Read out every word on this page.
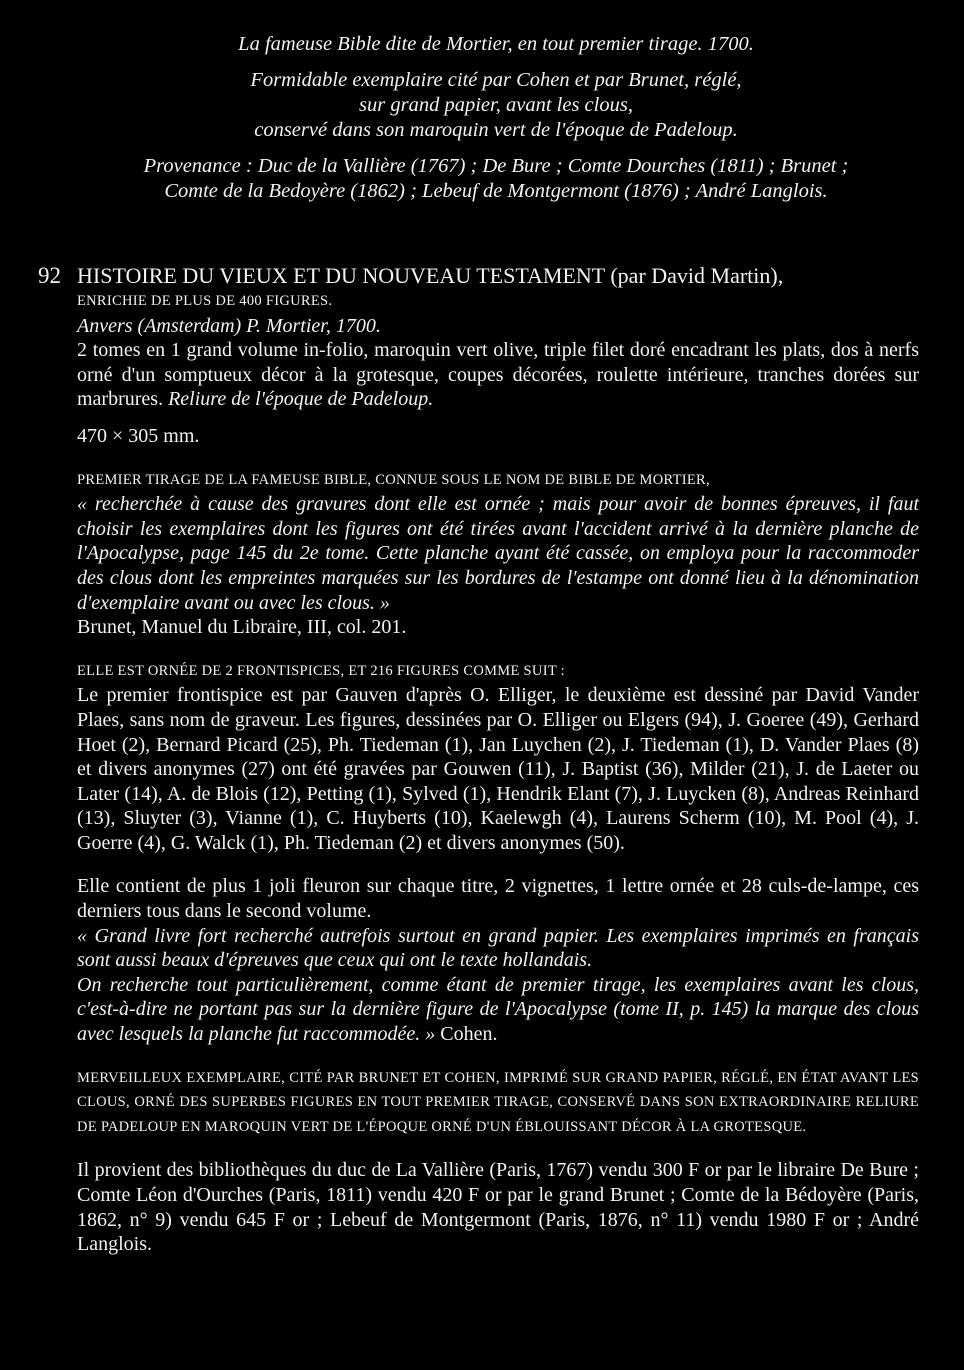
La fameuse Bible dite de Mortier, en tout premier tirage. 1700.

Formidable exemplaire cité par Cohen et par Brunet, réglé,

sur grand papier, avant les clous,

conservé dans son maroquin vert de l'époque de Padeloup.

Provenance : Duc de la Vallière (1767) ; De Bure ; Comte Dourches (1811) ; Brunet ;

Comte de la Bedoyère (1862) ; Lebeuf de Montgermont (1876) ; André Langlois.

92 HISTOIRE DU VIEUX ET DU NOUVEAU TESTAMENT (par David Martin),

ENRICHIE DE PLUS DE 400 FIGURES.

Anvers (Amsterdam) P. Mortier, 1700.

2 tomes en 1 grand volume in-folio, maroquin vert olive, triple filet doré encadrant les plats, dos à nerfs orné d'un somptueux décor à la grotesque, coupes décorées, roulette intérieure, tranches dorées sur marbrures. Reliure de l'époque de Padeloup.

470 × 305 mm.

PREMIER TIRAGE DE LA FAMEUSE BIBLE, CONNUE SOUS LE NOM DE BIBLE DE MORTIER,

« recherchée à cause des gravures dont elle est ornée ; mais pour avoir de bonnes épreuves, il faut choisir les exemplaires dont les figures ont été tirées avant l'accident arrivé à la dernière planche de l'Apocalypse, page 145 du 2e tome. Cette planche ayant été cassée, on employa pour la raccommoder des clous dont les empreintes marquées sur les bordures de l'estampe ont donné lieu à la dénomination d'exemplaire avant ou avec les clous. »

Brunet, Manuel du Libraire, III, col. 201.

ELLE EST ORNÉE DE 2 FRONTISPICES, ET 216 FIGURES COMME SUIT :

Le premier frontispice est par Gauven d'après O. Elliger, le deuxième est dessiné par David Vander Plaes, sans nom de graveur. Les figures, dessinées par O. Elliger ou Elgers (94), J. Goeree (49), Gerhard Hoet (2), Bernard Picard (25), Ph. Tiedeman (1), Jan Luychen (2), J. Tiedeman (1), D. Vander Plaes (8) et divers anonymes (27) ont été gravées par Gouwen (11), J. Baptist (36), Milder (21), J. de Laeter ou Later (14), A. de Blois (12), Petting (1), Sylved (1), Hendrik Elant (7), J. Luycken (8), Andreas Reinhard (13), Sluyter (3), Vianne (1), C. Huyberts (10), Kaelewgh (4), Laurens Scherm (10), M. Pool (4), J. Goerre (4), G. Walck (1), Ph. Tiedeman (2) et divers anonymes (50).

Elle contient de plus 1 joli fleuron sur chaque titre, 2 vignettes, 1 lettre ornée et 28 culs-de-lampe, ces derniers tous dans le second volume.

« Grand livre fort recherché autrefois surtout en grand papier. Les exemplaires imprimés en français sont aussi beaux d'épreuves que ceux qui ont le texte hollandais.

On recherche tout particulièrement, comme étant de premier tirage, les exemplaires avant les clous, c'est-à-dire ne portant pas sur la dernière figure de l'Apocalypse (tome II, p. 145) la marque des clous avec lesquels la planche fut raccommodée. » Cohen.

MERVEILLEUX EXEMPLAIRE, CITÉ PAR BRUNET ET COHEN, IMPRIMÉ SUR GRAND PAPIER, RÉGLÉ, EN ÉTAT AVANT LES CLOUS, ORNÉ DES SUPERBES FIGURES EN TOUT PREMIER TIRAGE, CONSERVÉ DANS SON EXTRAORDINAIRE RELIURE DE PADELOUP EN MAROQUIN VERT DE L'ÉPOQUE ORNÉ D'UN ÉBLOUISSANT DÉCOR À LA GROTESQUE.

Il provient des bibliothèques du duc de La Vallière (Paris, 1767) vendu 300 F or par le libraire De Bure ; Comte Léon d'Ourches (Paris, 1811) vendu 420 F or par le grand Brunet ; Comte de la Bédoyère (Paris, 1862, n° 9) vendu 645 F or ; Lebeuf de Montgermont (Paris, 1876, n° 11) vendu 1980 F or ; André Langlois.
